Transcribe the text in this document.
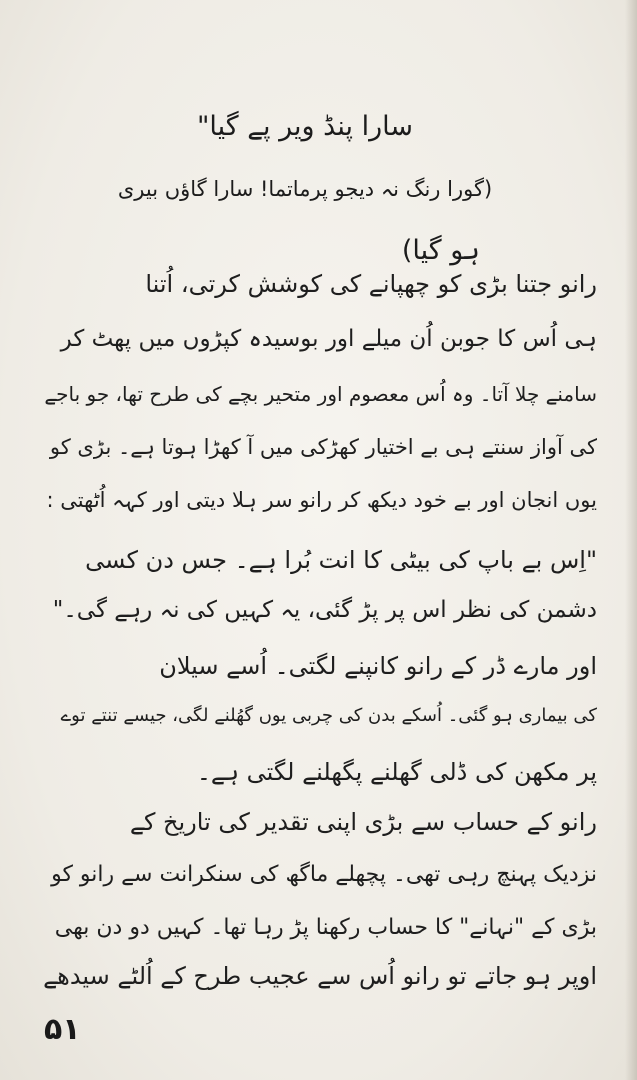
سارا پنڈ ویر پے گیا"
(گورا رنگ نہ دیجو پرماتما! سارا گاؤں بیری
ہو گیا)
رانو جتنا بڑی کو چھپانے کی کوشش کرتی، اُتنا
ہی اُس کا جوبن اُن میلے اور بوسیدہ کپڑوں میں پھٹ کر
سامنے چلا آتا۔ وہ اُس معصوم اور متحیر بچے کی طرح تھا، جو باجے
کی آواز سنتے ہی بے اختیار کھڑکی میں آ کھڑا ہوتا ہے۔ بڑی کو
یوں انجان اور بے خود دیکھ کر رانو سر ہلا دیتی اور کہہ اُٹھتی :
"اِس بے باپ کی بیٹی کا انت بُرا ہے۔ جس دن کسی
دشمن کی نظر اس پر پڑ گئی، یہ کہیں کی نہ رہے گی۔"
اور مارے ڈر کے رانو کانپنے لگتی۔ اُسے سیلان
کی بیماری ہو گئی۔ اُسکے بدن کی چربی یوں گھُلنے لگی، جیسے تنتے توے
پر مکھن کی ڈلی گھلنے پگھلنے لگتی ہے۔
رانو کے حساب سے بڑی اپنی تقدیر کی تاریخ کے
نزدیک پہنچ رہی تھی۔ پچھلے ماگھ کی سنکرانت سے رانو کو
بڑی کے "نہانے" کا حساب رکھنا پڑ رہا تھا۔ کہیں دو دن بھی
اوپر ہو جاتے تو رانو اُس سے عجیب طرح کے اُلٹے سیدھے
۵۱
